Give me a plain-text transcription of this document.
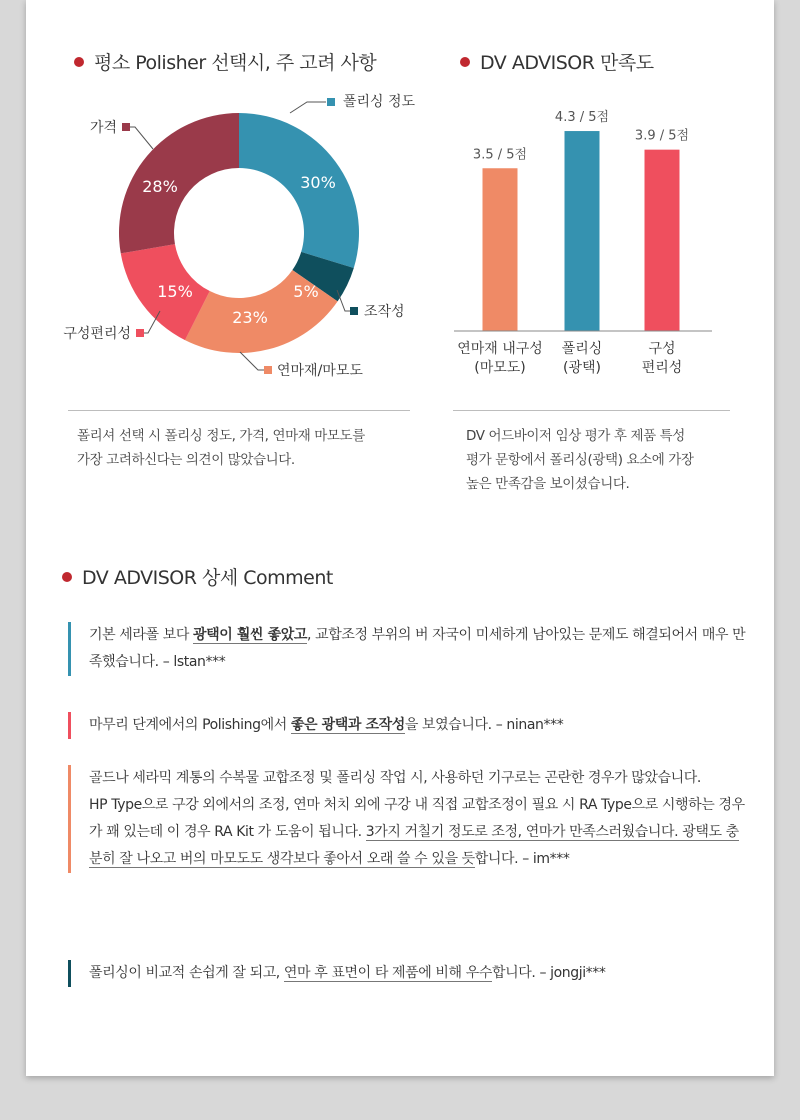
평소 Polisher 선택시, 주 고려 사항	DV ADVISOR 만족도
30%
5%
23%
15%
28%
폴리싱 정도
조작성
연마재/마모도
구성편리성
가격
3.5 / 5점
연마재 내구성
(마모도)
4.3 / 5점
폴리싱
(광택)
3.9 / 5점
구성
편리성
폴리셔 선택 시 폴리싱 정도, 가격, 연마재 마모도를
가장 고려하신다는 의견이 많았습니다.
DV 어드바이저 임상 평가 후 제품 특성
평가 문항에서 폴리싱(광택) 요소에 가장
높은 만족감을 보이셨습니다.
DV ADVISOR 상세 Comment

기본 세라폴 보다 광택이 훨씬 좋았고, 교합조정 부위의 버 자국이 미세하게 남아있는 문제도 해결되어서 매우 만족했습니다. – lstan***

마무리 단계에서의 Polishing에서 좋은 광택과 조작성을 보였습니다. – ninan***

골드나 세라믹 계통의 수복물 교합조정 및 폴리싱 작업 시, 사용하던 기구로는 곤란한 경우가 많았습니다.
HP Type으로 구강 외에서의 조정, 연마 처치 외에 구강 내 직접 교합조정이 필요 시 RA Type으로 시행하는 경우가 꽤 있는데 이 경우 RA Kit 가 도움이 됩니다. 3가지 거칠기 정도로 조정, 연마가 만족스러웠습니다. 광택도 충분히 잘 나오고 버의 마모도도 생각보다 좋아서 오래 쓸 수 있을 듯합니다. – im***

폴리싱이 비교적 손쉽게 잘 되고, 연마 후 표면이 타 제품에 비해 우수합니다. – jongji***
